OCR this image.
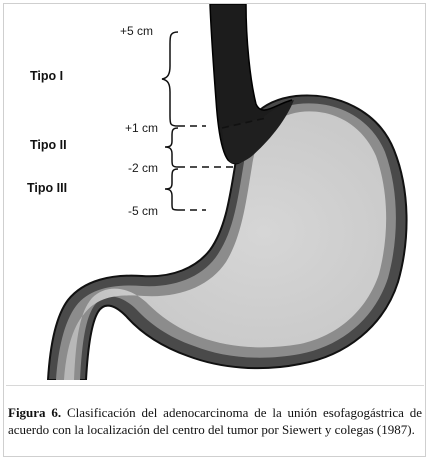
+5 cm
+1 cm
-2 cm
-5 cm
Tipo I
Tipo II
Tipo III
Figura 6. Clasificación del adenocarcinoma de la unión esofagogástrica de acuerdo con la localización del centro del tumor por Siewert y colegas (1987).
